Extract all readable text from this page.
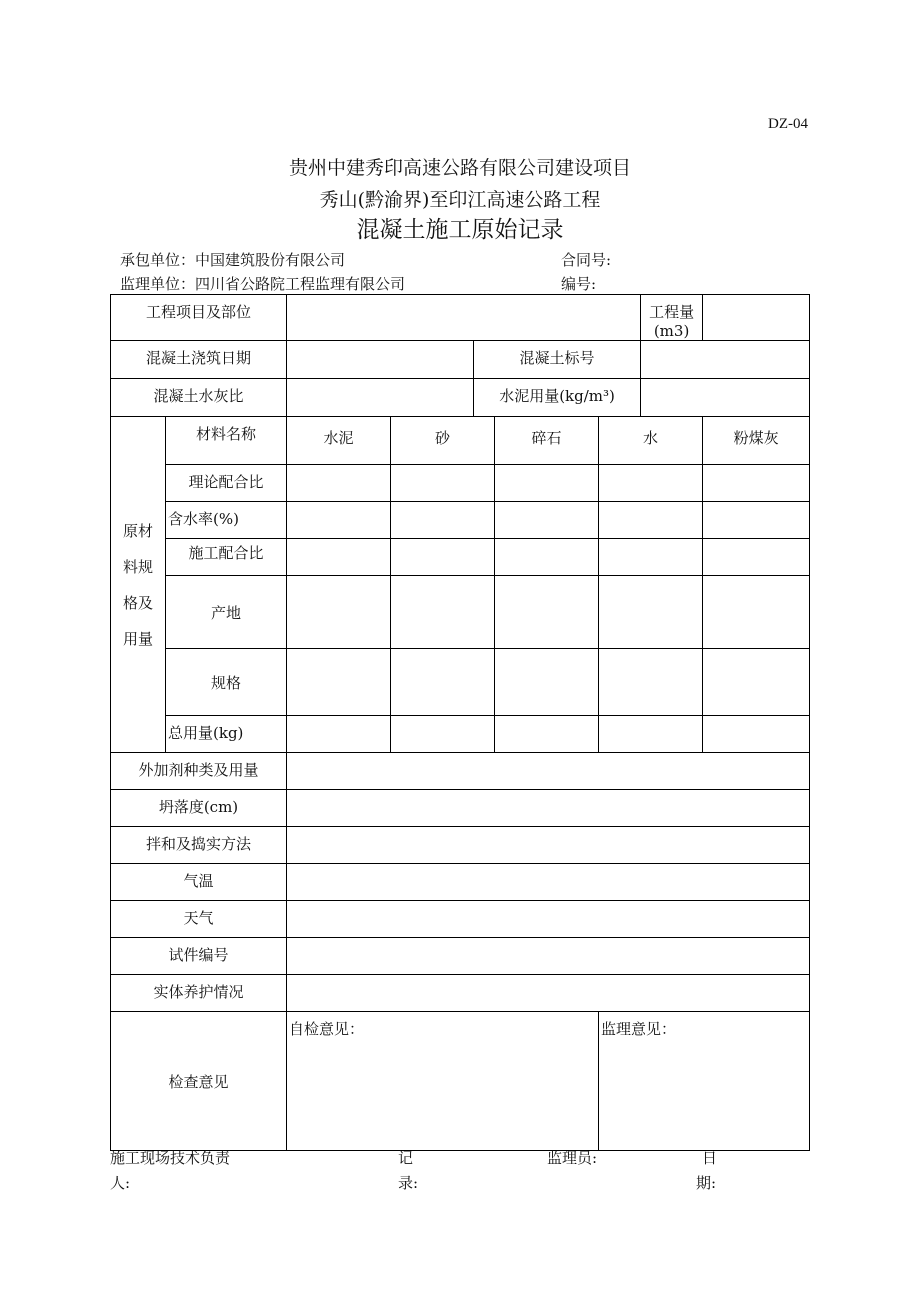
DZ-04
贵州中建秀印高速公路有限公司建设项目
秀山(黔渝界)至印江高速公路工程
混凝土施工原始记录
承包单位：中国建筑股份有限公司	合同号:
监理单位：四川省公路院工程监理有限公司	编号:
工程项目及部位							工程量(m3)	
混凝土浇筑日期				混凝土标号				
混凝土水灰比				水泥用量(kg/m³)				

原材
料规
格及
用量	材料名称	水泥	砂		碎石	水		粉煤灰
	理论配合比							
	含水率(%)							
	施工配合比							
	产地							
	规格							
	总用量(kg)							
外加剂种类及用量								
坍落度(cm)								
拌和及捣实方法								
气温								
天气								
试件编号								
实体养护情况								
检查意见		自检意见：				监理意见：		
施工现场技术负责
人:
记
录:
监理员:	日
期:
